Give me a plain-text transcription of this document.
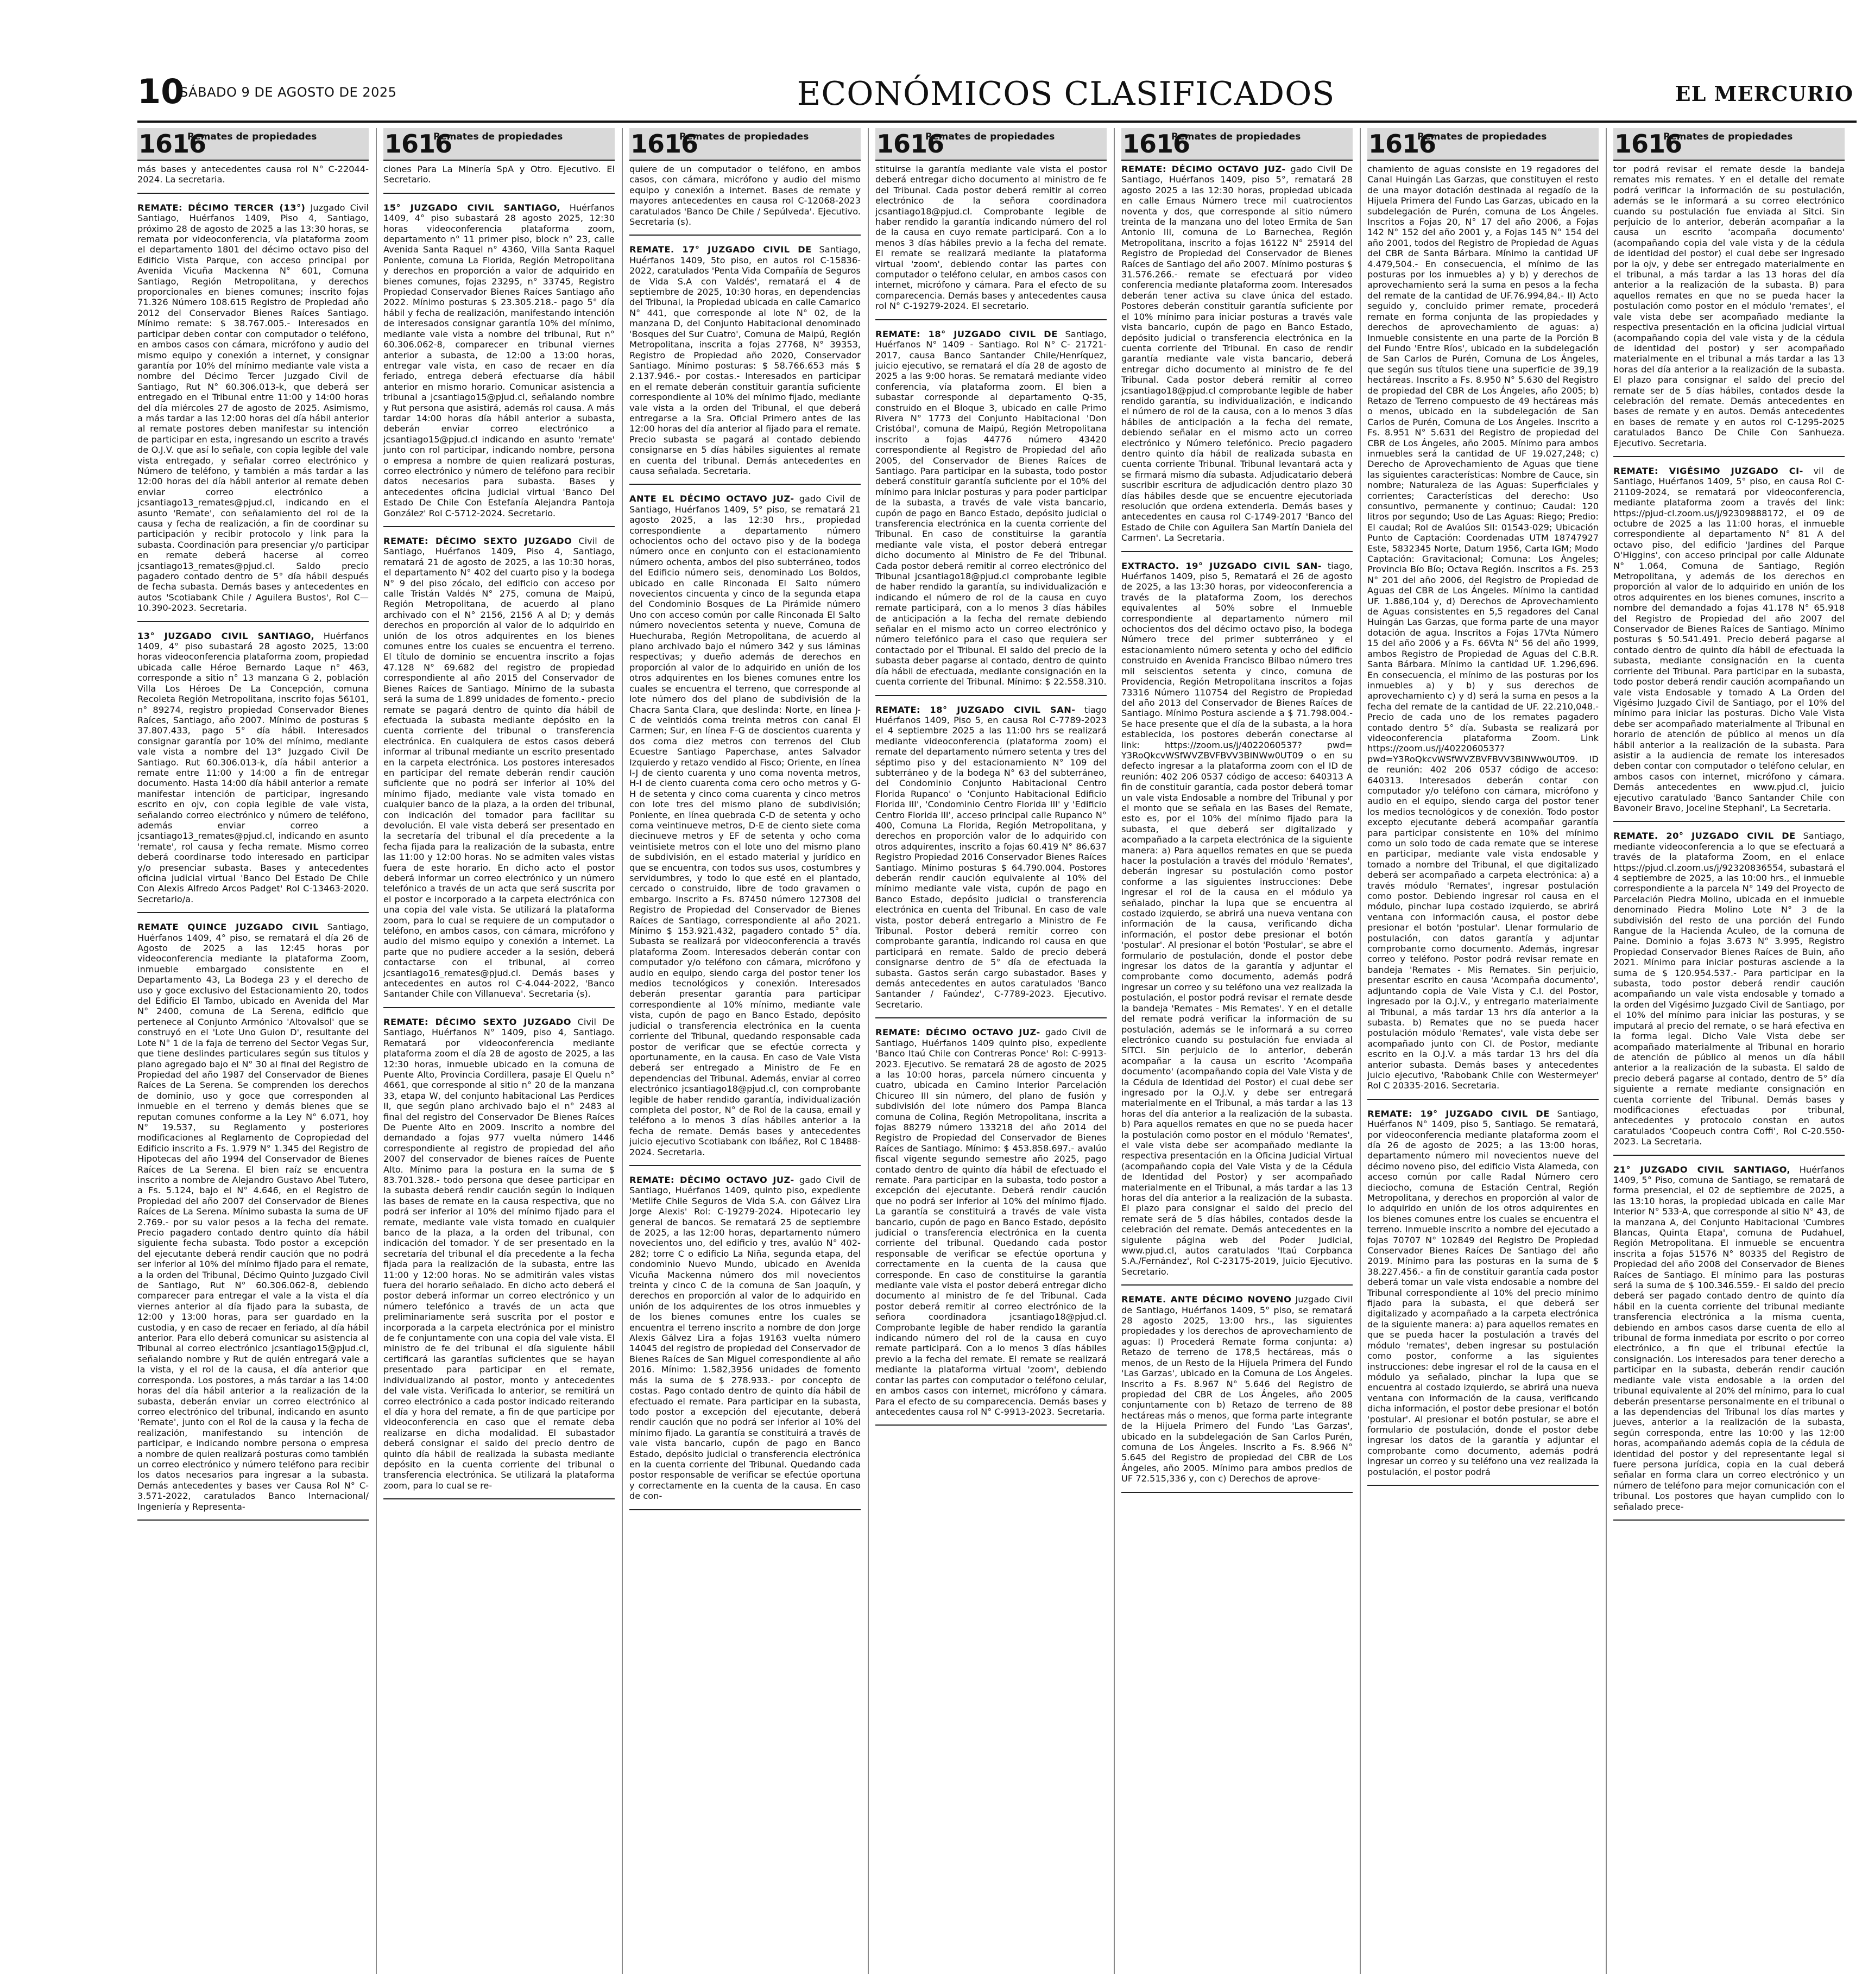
10
SÁBADO 9 DE AGOSTO DE 2025	ECONÓMICOS CLASIFICADOS	EL MERCURIO
1616
Remates de propiedades

más bases y antecedentes causa rol N° C-22044-2024. La secretaria.

REMATE: DÉCIMO TERCER (13°) Juzgado Civil Santiago, Huérfanos 1409, Piso 4, Santiago, próximo 28 de agosto de 2025 a las 13:30 horas, se remata por videoconferencia, vía plataforma zoom el departamento 1801 del décimo octavo piso del Edificio Vista Parque, con acceso principal por Avenida Vicuña Mackenna N° 601, Comuna Santiago, Región Metropolitana, y derechos proporcionales en bienes comunes; inscrito fojas 71.326 Número 108.615 Registro de Propiedad año 2012 del Conservador Bienes Raíces Santiago. Mínimo remate: $ 38.767.005.- Interesados en participar deben contar con computador o teléfono, en ambos casos con cámara, micrófono y audio del mismo equipo y conexión a internet, y consignar garantía por 10% del mínimo mediante vale vista a nombre del Décimo Tercer Juzgado Civil de Santiago, Rut N° 60.306.013-k, que deberá ser entregado en el Tribunal entre 11:00 y 14:00 horas del día miércoles 27 de agosto de 2025. Asimismo, a más tardar a las 12:00 horas del día hábil anterior al remate postores deben manifestar su intención de participar en esta, ingresando un escrito a través de O.J.V. que así lo señale, con copia legible del vale vista entregado, y señalar correo electrónico y Número de teléfono, y también a más tardar a las 12:00 horas del día hábil anterior al remate deben enviar correo electrónico a jcsantiago13_remates@pjud.cl, indicando en el asunto 'Remate', con señalamiento del rol de la causa y fecha de realización, a fin de coordinar su participación y recibir protocolo y link para la subasta. Coordinación para presenciar y/o participar en remate deberá hacerse al correo jcsantiago13_remates@pjud.cl. Saldo precio pagadero contado dentro de 5° día hábil después de fecha subasta. Demás bases y antecedentes en autos 'Scotiabank Chile / Aguilera Bustos', Rol C—10.390-2023. Secretaria.

13° JUZGADO CIVIL SANTIAGO, Huérfanos 1409, 4° piso subastará 28 agosto 2025, 13:00 horas videoconferencia plataforma zoom, propiedad ubicada calle Héroe Bernardo Laque n° 463, corresponde a sitio n° 13 manzana G 2, población Villa Los Héroes De La Concepción, comuna Recoleta Región Metropolitana, inscrito fojas 56101, n° 89274, registro propiedad Conservador Bienes Raíces, Santiago, año 2007. Mínimo de posturas $ 37.807.433, pago 5° día hábil. Interesados consignar garantía por 10% del mínimo, mediante vale vista a nombre del 13° Juzgado Civil De Santiago. Rut 60.306.013-k, día hábil anterior a remate entre 11:00 y 14:00 a fin de entregar documento. Hasta 14:00 día hábil anterior a remate manifestar intención de participar, ingresando escrito en ojv, con copia legible de vale vista, señalando correo electrónico y número de teléfono, además enviar correo a jcsantiago13_remates@pjud.cl, indicando en asunto 'remate', rol causa y fecha remate. Mismo correo deberá coordinarse todo interesado en participar y/o presenciar subasta. Bases y antecedentes oficina judicial virtual 'Banco Del Estado De Chile Con Alexis Alfredo Arcos Padget' Rol C-13463-2020. Secretario/a.

REMATE QUINCE JUZGADO CIVIL Santiago, Huérfanos 1409, 4° piso, se rematará el día 26 de Agosto de 2025 a las 12:45 horas por videoconferencia mediante la plataforma Zoom, inmueble embargado consistente en el Departamento 43, La Bodega 23 y el derecho de uso y goce exclusivo del Estacionamiento 20, todos del Edificio El Tambo, ubicado en Avenida del Mar N° 2400, comuna de La Serena, edificio que pertenece al Conjunto Armónico 'Altovalsol' que se construyó en el 'Lote Uno Guion D', resultante del Lote N° 1 de la faja de terreno del Sector Vegas Sur, que tiene deslindes particulares según sus títulos y plano agregado bajo el N° 30 al final del Registro de Propiedad del año 1987 del Conservador de Bienes Raíces de La Serena. Se comprenden los derechos de dominio, uso y goce que corresponden al inmueble en el terreno y demás bienes que se reputan comunes conforme a la Ley N° 6.071, hoy N° 19.537, su Reglamento y posteriores modificaciones al Reglamento de Copropiedad del Edificio inscrito a Fs. 1.979 N° 1.345 del Registro de Hipotecas del año 1994 del Conservador de Bienes Raíces de La Serena. El bien raíz se encuentra inscrito a nombre de Alejandro Gustavo Abel Tutero, a Fs. 5.124, bajo el N° 4.646, en el Registro de Propiedad del año 2007 del Conservador de Bienes Raíces de La Serena. Mínimo subasta la suma de UF 2.769.- por su valor pesos a la fecha del remate. Precio pagadero contado dentro quinto día hábil siguiente fecha subasta. Todo postor a excepción del ejecutante deberá rendir caución que no podrá ser inferior al 10% del mínimo fijado para el remate, a la orden del Tribunal, Décimo Quinto Juzgado Civil de Santiago, Rut N° 60.306.062-8, debiendo comparecer para entregar el vale a la vista el día viernes anterior al día fijado para la subasta, de 12:00 y 13:00 horas, para ser guardado en la custodia, y en caso de recaer en feriado, al día hábil anterior. Para ello deberá comunicar su asistencia al Tribunal al correo electrónico jcsantiago15@pjud.cl, señalando nombre y Rut de quién entregará vale a la vista, y el rol de la causa, el día anterior que corresponda. Los postores, a más tardar a las 14:00 horas del día hábil anterior a la realización de la subasta, deberán enviar un correo electrónico al correo electrónico del tribunal, indicando en asunto 'Remate', junto con el Rol de la causa y la fecha de realización, manifestando su intención de participar, e indicando nombre persona o empresa a nombre de quien realizará posturas como también un correo electrónico y número teléfono para recibir los datos necesarios para ingresar a la subasta. Demás antecedentes y bases ver Causa Rol N° C-3.571-2022, caratulados Banco Internacional/ Ingeniería y Representa-

1616
Remates de propiedades

ciones Para La Minería SpA y Otro. Ejecutivo. El Secretario.

15° JUZGADO CIVIL SANTIAGO, Huérfanos 1409, 4° piso subastará 28 agosto 2025, 12:30 horas videoconferencia plataforma zoom, departamento n° 11 primer piso, block n° 23, calle Avenida Santa Raquel n° 4360, Villa Santa Raquel Poniente, comuna La Florida, Región Metropolitana y derechos en proporción a valor de adquirido en bienes comunes, fojas 23295, n° 33745, Registro Propiedad Conservador Bienes Raíces Santiago año 2022. Mínimo posturas $ 23.305.218.- pago 5° día hábil y fecha de realización, manifestando intención de interesados consignar garantía 10% del mínimo, mediante vale vista a nombre del tribunal, Rut n° 60.306.062-8, comparecer en tribunal viernes anterior a subasta, de 12:00 a 13:00 horas, entregar vale vista, en caso de recaer en día feriado, entrega deberá efectuarse día hábil anterior en mismo horario. Comunicar asistencia a tribunal a jcsantiago15@pjud.cl, señalando nombre y Rut persona que asistirá, además rol causa. A más tardar 14:00 horas día hábil anterior a subasta, deberán enviar correo electrónico a jcsantiago15@pjud.cl indicando en asunto 'remate' junto con rol participar, indicando nombre, persona o empresa a nombre de quien realizará posturas, correo electrónico y número de teléfono para recibir datos necesarios para subasta. Bases y antecedentes oficina judicial virtual 'Banco Del Estado De Chile Con Estefanía Alejandra Pantoja González' Rol C-5712-2024. Secretario.

REMATE: DÉCIMO SEXTO JUZGADO Civil de Santiago, Huérfanos 1409, Piso 4, Santiago, rematará 21 de agosto de 2025, a las 10:30 horas, el departamento N° 402 del cuarto piso y la bodega N° 9 del piso zócalo, del edificio con acceso por calle Tristán Valdés N° 275, comuna de Maipú, Región Metropolitana, de acuerdo al plano archivado con el N° 2156, 2156 A al D; y demás derechos en proporción al valor de lo adquirido en unión de los otros adquirentes en los bienes comunes entre los cuales se encuentra el terreno. El título de dominio se encuentra inscrito a fojas 47.128 N° 69.682 del registro de propiedad correspondiente al año 2015 del Conservador de Bienes Raíces de Santiago. Mínimo de la subasta será la suma de 1.899 unidades de fomento.- precio remate se pagará dentro de quinto día hábil de efectuada la subasta mediante depósito en la cuenta corriente del tribunal o transferencia electrónica. En cualquiera de estos casos deberá informar al tribunal mediante un escrito presentado en la carpeta electrónica. Los postores interesados en participar del remate deberán rendir caución suficiente que no podrá ser inferior al 10% del mínimo fijado, mediante vale vista tomado en cualquier banco de la plaza, a la orden del tribunal, con indicación del tomador para facilitar su devolución. El vale vista deberá ser presentado en la secretaría del tribunal el día precedente a la fecha fijada para la realización de la subasta, entre las 11:00 y 12:00 horas. No se admiten vales vistas fuera de este horario. En dicho acto el postor deberá informar un correo electrónico y un número telefónico a través de un acta que será suscrita por el postor e incorporado a la carpeta electrónica con una copia del vale vista. Se utilizará la plataforma zoom, para lo cual se requiere de un computador o teléfono, en ambos casos, con cámara, micrófono y audio del mismo equipo y conexión a internet. La parte que no pudiere acceder a la sesión, deberá contactarse con el tribunal, al correo jcsantiago16_remates@pjud.cl. Demás bases y antecedentes en autos rol C-4.044-2022, 'Banco Santander Chile con Villanueva'. Secretaria (s).

REMATE: DÉCIMO SEXTO JUZGADO Civil De Santiago, Huérfanos N° 1409, piso 4, Santiago. Rematará por videoconferencia mediante plataforma zoom el día 28 de agosto de 2025, a las 12:30 horas, inmueble ubicado en la comuna de Puente Alto, Provincia Cordillera, pasaje El Quelu n° 4661, que corresponde al sitio n° 20 de la manzana 33, etapa W, del conjunto habitacional Las Perdices II, que según plano archivado bajo el n° 2483 al final del registro del Conservador De Bienes Raíces De Puente Alto en 2009. Inscrito a nombre del demandado a fojas 977 vuelta número 1446 correspondiente al registro de propiedad del año 2007 del conservador de bienes raíces de Puente Alto. Mínimo para la postura en la suma de $ 83.701.328.- todo persona que desee participar en la subasta deberá rendir caución según lo indiquen las bases de remate en la causa respectiva, que no podrá ser inferior al 10% del mínimo fijado para el remate, mediante vale vista tomado en cualquier banco de la plaza, a la orden del tribunal, con indicación del tomador. Y de ser presentado en la secretaría del tribunal el día precedente a la fecha fijada para la realización de la subasta, entre las 11:00 y 12:00 horas. No se admitirán vales vistas fuera del horario señalado. En dicho acto deberá el postor deberá informar un correo electrónico y un número telefónico a través de un acta que preliminariamente será suscrita por el postor e incorporada a la carpeta electrónica por el ministro de fe conjuntamente con una copia del vale vista. El ministro de fe del tribunal el día siguiente hábil certificará las garantías suficientes que se hayan presentado para participar en el remate, individualizando al postor, monto y antecedentes del vale vista. Verificada lo anterior, se remitirá un correo electrónico a cada postor indicado reiterando el día y hora del remate, a fin de que participe por videoconferencia en caso que el remate deba realizarse en dicha modalidad. El subastador deberá consignar el saldo del precio dentro de quinto día hábil de realizada la subasta mediante depósito en la cuenta corriente del tribunal o transferencia electrónica. Se utilizará la plataforma zoom, para lo cual se re-

1616
Remates de propiedades

quiere de un computador o teléfono, en ambos casos, con cámara, micrófono y audio del mismo equipo y conexión a internet. Bases de remate y mayores antecedentes en causa rol C-12068-2023 caratulados 'Banco De Chile / Sepúlveda'. Ejecutivo. Secretaria (s).

REMATE. 17° JUZGADO CIVIL DE Santiago, Huérfanos 1409, 5to piso, en autos rol C-15836-2022, caratulados 'Penta Vida Compañía de Seguros de Vida S.A con Valdés', rematará el 4 de septiembre de 2025, 10:30 horas, en dependencias del Tribunal, la Propiedad ubicada en calle Camarico N° 441, que corresponde al lote N° 02, de la manzana D, del Conjunto Habitacional denominado 'Bosques del Sur Cuatro', Comuna de Maipú, Región Metropolitana, inscrita a fojas 27768, N° 39353, Registro de Propiedad año 2020, Conservador Santiago. Mínimo posturas: $ 58.766.653 más $ 2.137.946.- por costas.- Interesados en participar en el remate deberán constituir garantía suficiente correspondiente al 10% del mínimo fijado, mediante vale vista a la orden del Tribunal, el que deberá entregarse a la Sra. Oficial Primero antes de las 12:00 horas del día anterior al fijado para el remate. Precio subasta se pagará al contado debiendo consignarse en 5 días hábiles siguientes al remate en cuenta del tribunal. Demás antecedentes en causa señalada. Secretaria.

ANTE EL DÉCIMO OCTAVO JUZ- gado Civil de Santiago, Huérfanos 1409, 5° piso, se rematará 21 agosto 2025, a las 12:30 hrs., propiedad correspondiente a departamento número ochocientos ocho del octavo piso y de la bodega número once en conjunto con el estacionamiento número ochenta, ambos del piso subterráneo, todos del Edificio número seis, denominado Los Boldos, ubicado en calle Rinconada El Salto número novecientos cincuenta y cinco de la segunda etapa del Condominio Bosques de La Pirámide número Uno con acceso común por calle Rinconada El Salto número novecientos setenta y nueve, Comuna de Huechuraba, Región Metropolitana, de acuerdo al plano archivado bajo el número 342 y sus láminas respectivas; y dueño además de derechos en proporción al valor de lo adquirido en unión de los otros adquirentes en los bienes comunes entre los cuales se encuentra el terreno, que corresponde al lote número dos del plano de subdivisión de la Chacra Santa Clara, que deslinda: Norte, en línea J-C de veintidós coma treinta metros con canal El Carmen; Sur, en línea F-G de doscientos cuarenta y dos coma diez metros con terrenos del Club Ecuestre Santiago Paperchase, antes Salvador Izquierdo y retazo vendido al Fisco; Oriente, en línea I-J de ciento cuarenta y uno coma noventa metros, H-I de ciento cuarenta coma cero ocho metros y G-H de setenta y cinco coma cuarenta y cinco metros con lote tres del mismo plano de subdivisión; Poniente, en línea quebrada C-D de setenta y ocho coma veintinueve metros, D-E de ciento siete coma diecinueve metros y EF de setenta y ocho coma veintisiete metros con el lote uno del mismo plano de subdivisión, en el estado material y jurídico en que se encuentra, con todos sus usos, costumbres y servidumbres, y todo lo que esté en el plantado, cercado o construido, libre de todo gravamen o embargo. Inscrito a Fs. 87450 número 127308 del Registro de Propiedad del Conservador de Bienes Raíces de Santiago, correspondiente al año 2021. Mínimo $ 153.921.432, pagadero contado 5° día. Subasta se realizará por videoconferencia a través plataforma Zoom. Interesados deberán contar con computador y/o teléfono con cámara, micrófono y audio en equipo, siendo carga del postor tener los medios tecnológicos y conexión. Interesados deberán presentar garantía para participar correspondiente al 10% mínimo, mediante vale vista, cupón de pago en Banco Estado, depósito judicial o transferencia electrónica en la cuenta corriente del Tribunal, quedando responsable cada postor de verificar que se efectúe correcta y oportunamente, en la causa. En caso de Vale Vista deberá ser entregado a Ministro de Fe en dependencias del Tribunal. Además, enviar al correo electrónico jcsantiago18@pjud.cl, con comprobante legible de haber rendido garantía, individualización completa del postor, N° de Rol de la causa, email y teléfono a lo menos 3 días hábiles anterior a la fecha de remate. Demás bases y antecedentes juicio ejecutivo Scotiabank con Ibáñez, Rol C 18488-2024. Secretaria.

REMATE: DÉCIMO OCTAVO JUZ- gado Civil de Santiago, Huérfanos 1409, quinto piso, expediente 'Metlife Chile Seguros de Vida S.A. con Gálvez Lira Jorge Alexis' Rol: C-19279-2024. Hipotecario ley general de bancos. Se rematará 25 de septiembre de 2025, a las 12:00 horas, departamento número novecientos uno, del edificio y tres, avalúo N° 402-282; torre C o edificio La Niña, segunda etapa, del condominio Nuevo Mundo, ubicado en Avenida Vicuña Mackenna número dos mil novecientos treinta y cinco C de la comuna de San Joaquín, y derechos en proporción al valor de lo adquirido en unión de los adquirentes de los otros inmuebles y de los bienes comunes entre los cuales se encuentra el terreno inscrito a nombre de don Jorge Alexis Gálvez Lira a fojas 19163 vuelta número 14045 del registro de propiedad del Conservador de Bienes Raíces de San Miguel correspondiente al año 2016. Mínimo: 1.582,3956 unidades de fomento más la suma de $ 278.933.- por concepto de costas. Pago contado dentro de quinto día hábil de efectuado el remate. Para participar en la subasta, todo postor a excepción del ejecutante, deberá rendir caución que no podrá ser inferior al 10% del mínimo fijado. La garantía se constituirá a través de vale vista bancario, cupón de pago en Banco Estado, depósito judicial o transferencia electrónica en la cuenta corriente del Tribunal. Quedando cada postor responsable de verificar se efectúe oportuna y correctamente en la cuenta de la causa. En caso de con-

1616
Remates de propiedades

stituirse la garantía mediante vale vista el postor deberá entregar dicho documento al ministro de fe del Tribunal. Cada postor deberá remitir al correo electrónico de la señora coordinadora jcsantiago18@pjud.cl. Comprobante legible de haber rendido la garantía indicando número del rol de la causa en cuyo remate participará. Con a lo menos 3 días hábiles previo a la fecha del remate. El remate se realizará mediante la plataforma virtual 'zoom', debiendo contar las partes con computador o teléfono celular, en ambos casos con internet, micrófono y cámara. Para el efecto de su comparecencia. Demás bases y antecedentes causa rol N° C-19279-2024. El secretario.

REMATE: 18° JUZGADO CIVIL DE Santiago, Huérfanos N° 1409 - Santiago. Rol N° C- 21721-2017, causa Banco Santander Chile/Henríquez, juicio ejecutivo, se rematará el día 28 de agosto de 2025 a las 9:00 horas. Se rematará mediante video conferencia, vía plataforma zoom. El bien a subastar corresponde al departamento Q-35, construido en el Bloque 3, ubicado en calle Primo Rivera N° 1773 del Conjunto Habitacional 'Don Cristóbal', comuna de Maipú, Región Metropolitana inscrito a fojas 44776 número 43420 correspondiente al Registro de Propiedad del año 2005, del Conservador de Bienes Raíces de Santiago. Para participar en la subasta, todo postor deberá constituir garantía suficiente por el 10% del mínimo para iniciar posturas y para poder participar de la subasta, a través de vale vista bancario, cupón de pago en Banco Estado, depósito judicial o transferencia electrónica en la cuenta corriente del Tribunal. En caso de constituirse la garantía mediante vale vista, el postor deberá entregar dicho documento al Ministro de Fe del Tribunal. Cada postor deberá remitir al correo electrónico del Tribunal jcsantiago18@pjud.cl comprobante legible de haber rendido la garantía, su individualización e indicando el número de rol de la causa en cuyo remate participará, con a lo menos 3 días hábiles de anticipación a la fecha del remate debiendo señalar en el mismo acto un correo electrónico y número telefónico para el caso que requiera ser contactado por el Tribunal. El saldo del precio de la subasta deber pagarse al contado, dentro de quinto día hábil de efectuada, mediante consignación en la cuenta corriente del Tribunal. Mínimo: $ 22.558.310.

REMATE: 18° JUZGADO CIVIL SAN- tiago Huérfanos 1409, Piso 5, en causa Rol C-7789-2023 el 4 septiembre 2025 a las 11:00 hrs se realizará mediante videoconferencia (plataforma zoom) el remate del departamento número setenta y tres del séptimo piso y del estacionamiento N° 109 del subterráneo y de la bodega N° 63 del subterráneo, del Condominio Conjunto Habitacional Centro Florida Rupanco' o 'Conjunto Habitacional Edificio Florida III', 'Condominio Centro Florida III' y 'Edificio Centro Florida III', acceso principal calle Rupanco N° 400, Comuna La Florida, Región Metropolitana, y derechos en proporción valor de lo adquirido con otros adquirentes, inscrito a fojas 60.419 N° 86.637 Registro Propiedad 2016 Conservador Bienes Raíces Santiago. Mínimo posturas $ 64.790.004. Postores deberán rendir caución equivalente al 10% del mínimo mediante vale vista, cupón de pago en Banco Estado, depósito judicial o transferencia electrónica en cuenta del Tribunal. En caso de vale vista, postor deberá entregarlo a Ministro de Fe Tribunal. Postor deberá remitir correo con comprobante garantía, indicando rol causa en que participará en remate. Saldo de precio deberá consignarse dentro de 5° día de efectuada la subasta. Gastos serán cargo subastador. Bases y demás antecedentes en autos caratulados 'Banco Santander / Faúndez', C-7789-2023. Ejecutivo. Secretario.

REMATE: DÉCIMO OCTAVO JUZ- gado Civil de Santiago, Huérfanos 1409 quinto piso, expediente 'Banco Itaú Chile con Contreras Ponce' Rol: C-9913-2023. Ejecutivo. Se rematará 28 de agosto de 2025 a las 10:00 horas, parcela número cincuenta y cuatro, ubicada en Camino Interior Parcelación Chicureo III sin número, del plano de fusión y subdivisión del lote número dos Pampa Blanca comuna de Colina, Región Metropolitana, inscrita a fojas 88279 número 133218 del año 2014 del Registro de Propiedad del Conservador de Bienes Raíces de Santiago. Mínimo: $ 453.858.697.- avalúo fiscal vigente segundo semestre año 2025, pago contado dentro de quinto día hábil de efectuado el remate. Para participar en la subasta, todo postor a excepción del ejecutante. Deberá rendir caución que no podrá ser inferior al 10% del mínimo fijado. La garantía se constituirá a través de vale vista bancario, cupón de pago en Banco Estado, depósito judicial o transferencia electrónica en la cuenta corriente del tribunal. Quedando cada postor responsable de verificar se efectúe oportuna y correctamente en la cuenta de la causa que corresponde. En caso de constituirse la garantía mediante vale vista el postor deberá entregar dicho documento al ministro de fe del Tribunal. Cada postor deberá remitir al correo electrónico de la señora coordinadora jcsantiago18@pjud.cl. Comprobante legible de haber rendido la garantía indicando número del rol de la causa en cuyo remate participará. Con a lo menos 3 días hábiles previo a la fecha del remate. El remate se realizará mediante la plataforma virtual 'zoom', debiendo contar las partes con computador o teléfono celular, en ambos casos con internet, micrófono y cámara. Para el efecto de su comparecencia. Demás bases y antecedentes causa rol N° C-9913-2023. Secretaria.

1616
Remates de propiedades

REMATE: DÉCIMO OCTAVO JUZ- gado Civil De Santiago, Huérfanos 1409, piso 5°, rematará 28 agosto 2025 a las 12:30 horas, propiedad ubicada en calle Emaus Número trece mil cuatrocientos noventa y dos, que corresponde al sitio número treinta de la manzana uno del loteo Ermita de San Antonio III, comuna de Lo Barnechea, Región Metropolitana, inscrito a fojas 16122 N° 25914 del Registro de Propiedad del Conservador de Bienes Raíces de Santiago del año 2007. Mínimo posturas $ 31.576.266.- remate se efectuará por video conferencia mediante plataforma zoom. Interesados deberán tener activa su clave única del estado. Postores deberán constituir garantía suficiente por el 10% mínimo para iniciar posturas a través vale vista bancario, cupón de pago en Banco Estado, depósito judicial o transferencia electrónica en la cuenta corriente del Tribunal. En caso de rendir garantía mediante vale vista bancario, deberá entregar dicho documento al ministro de fe del Tribunal. Cada postor deberá remitir al correo jcsantiago18@pjud.cl comprobante legible de haber rendido garantía, su individualización, e indicando el número de rol de la causa, con a lo menos 3 días hábiles de anticipación a la fecha del remate, debiendo señalar en el mismo acto un correo electrónico y Número telefónico. Precio pagadero dentro quinto día hábil de realizada subasta en cuenta corriente Tribunal. Tribunal levantará acta y se firmará mismo día subasta. Adjudicatario deberá suscribir escritura de adjudicación dentro plazo 30 días hábiles desde que se encuentre ejecutoriada resolución que ordena extenderla. Demás bases y antecedentes en causa rol C-1749-2017 'Banco del Estado de Chile con Aguilera San Martín Daniela del Carmen'. La Secretaria.

EXTRACTO. 19° JUZGADO CIVIL SAN- tiago, Huérfanos 1409, piso 5, Rematará el 26 de agosto de 2025, a las 13:30 horas, por videoconferencia a través de la plataforma Zoom, los derechos equivalentes al 50% sobre el Inmueble correspondiente al departamento número mil ochocientos dos del décimo octavo piso, la bodega Número trece del primer subterráneo y el estacionamiento número setenta y ocho del edificio construido en Avenida Francisco Bilbao número tres mil seiscientos setenta y cinco, comuna de Providencia, Región Metropolitana inscritos a fojas 73316 Número 110754 del Registro de Propiedad del año 2013 del Conservador de Bienes Raíces de Santiago. Mínimo Postura asciende a $ 71.798.004.- Se hace presente que el día de la subasta, a la hora establecida, los postores deberán conectarse al link: https://zoom.us/j/4022060537? pwd= Y3RoQkcvWSfWVZBVFBVV3BINWw0UT09 o en su defecto ingresar a la plataforma zoom con el ID de reunión: 402 206 0537 código de acceso: 640313 A fin de constituir garantía, cada postor deberá tomar un vale vista Endosable a nombre del Tribunal y por el monto que se señala en las Bases del Remate, esto es, por el 10% del mínimo fijado para la subasta, el que deberá ser digitalizado y acompañado a la carpeta electrónica de la siguiente manera: a) Para aquellos remates en que se pueda hacer la postulación a través del módulo 'Remates', deberán ingresar su postulación como postor conforme a las siguientes instrucciones: Debe ingresar el rol de la causa en el módulo ya señalado, pinchar la lupa que se encuentra al costado izquierdo, se abrirá una nueva ventana con información de la causa, verificando dicha información, el postor debe presionar el botón 'postular'. Al presionar el botón 'Postular', se abre el formulario de postulación, donde el postor debe ingresar los datos de la garantía y adjuntar el comprobante como documento, además podrá ingresar un correo y su teléfono una vez realizada la postulación, el postor podrá revisar el remate desde la bandeja 'Remates - Mis Remates'. Y en el detalle del remate podrá verificar la información de su postulación, además se le informará a su correo electrónico cuando su postulación fue enviada al SITCI. Sin perjuicio de lo anterior, deberán acompañar a la causa un escrito 'Acompaña documento' (acompañando copia del Vale Vista y de la Cédula de Identidad del Postor) el cual debe ser ingresado por la O.J.V. y debe ser entregará materialmente en el Tribunal, a más tardar a las 13 horas del día anterior a la realización de la subasta. b) Para aquellos remates en que no se pueda hacer la postulación como postor en el módulo 'Remates', el vale vista debe ser acompañado mediante la respectiva presentación en la Oficina Judicial Virtual (acompañando copia del Vale Vista y de la Cédula de Identidad del Postor) y ser acompañado materialmente en el Tribunal, a más tardar a las 13 horas del día anterior a la realización de la subasta. El plazo para consignar el saldo del precio del remate será de 5 días hábiles, contados desde la celebración del remate. Demás antecedentes en la siguiente página web del Poder Judicial, www.pjud.cl, autos caratulados 'Itaú Corpbanca S.A./Fernández', Rol C-23175-2019, Juicio Ejecutivo. Secretario.

REMATE. ANTE DÉCIMO NOVENO Juzgado Civil de Santiago, Huérfanos 1409, 5° piso, se rematará 28 agosto 2025, 13:00 hrs., las siguientes propiedades y los derechos de aprovechamiento de aguas: I) Procederá Remate forma conjunta: a) Retazo de terreno de 178,5 hectáreas, más o menos, de un Resto de la Hijuela Primera del Fundo 'Las Garzas', ubicado en la Comuna de Los Ángeles. Inscrito a Fs. 8.967 N° 5.646 del Registro de propiedad del CBR de Los Ángeles, año 2005 conjuntamente con b) Retazo de terreno de 88 hectáreas más o menos, que forma parte integrante de la Hijuela Primero del Fundo 'Las Garzas', ubicado en la subdelegación de San Carlos Purén, comuna de Los Ángeles. Inscrito a Fs. 8.966 N° 5.645 del Registro de propiedad del CBR de Los Ángeles, año 2005. Mínimo para ambos predios de UF 72.515,336 y, con c) Derechos de aprove-

1616
Remates de propiedades

chamiento de aguas consiste en 19 regadores del Canal Huingán Las Garzas, que constituyen el resto de una mayor dotación destinada al regadío de la Hijuela Primera del Fundo Las Garzas, ubicado en la subdelegación de Purén, comuna de Los Ángeles. Inscritos a Fojas 20, N° 17 del año 2006, a Fojas 142 N° 152 del año 2001 y, a Fojas 145 N° 154 del año 2001, todos del Registro de Propiedad de Aguas del CBR de Santa Bárbara. Mínimo la cantidad UF 4.479,504.- En consecuencia, el mínimo de las posturas por los inmuebles a) y b) y derechos de aprovechamiento será la suma en pesos a la fecha del remate de la cantidad de UF.76.994,84.- II) Acto seguido y, concluido primer remate, procederá remate en forma conjunta de las propiedades y derechos de aprovechamiento de aguas: a) Inmueble consistente en una parte de la Porción B del Fundo 'Entre Ríos', ubicado en la subdelegación de San Carlos de Purén, Comuna de Los Ángeles, que según sus títulos tiene una superficie de 39,19 hectáreas. Inscrito a Fs. 8.950 N° 5.630 del Registro de propiedad del CBR de Los Ángeles, año 2005; b) Retazo de Terreno compuesto de 49 hectáreas más o menos, ubicado en la subdelegación de San Carlos de Purén, Comuna de Los Ángeles. Inscrito a Fs. 8.951 N° 5.631 del Registro de propiedad del CBR de Los Ángeles, año 2005. Mínimo para ambos inmuebles será la cantidad de UF 19.027,248; c) Derecho de Aprovechamiento de Aguas que tiene las siguientes características: Nombre de Cauce, sin nombre; Naturaleza de las Aguas: Superficiales y corrientes; Características del derecho: Uso consuntivo, permanente y continuo; Caudal: 120 litros por segundo; Uso de Las Aguas: Riego; Predio: El caudal; Rol de Avalúos SII: 01543-029; Ubicación Punto de Captación: Coordenadas UTM 18747927 Este, 5832345 Norte, Datum 1956, Carta IGM; Modo Captación: Gravitacional; Comuna: Los Ángeles; Provincia Bío Bío; Octava Región. Inscritos a Fs. 253 N° 201 del año 2006, del Registro de Propiedad de Aguas del CBR de Los Ángeles. Mínimo la cantidad UF. 1.886,104 y, d) Derechos de Aprovechamiento de Aguas consistentes en 5,5 regadores del Canal Huingán Las Garzas, que forma parte de una mayor dotación de agua. Inscritos a Fojas 17Vta Número 15 del año 2006 y a Fs. 66Vta N° 56 del año 1999, ambos Registro de Propiedad de Aguas del C.B.R. Santa Bárbara. Mínimo la cantidad UF. 1.296,696. En consecuencia, el mínimo de las posturas por los inmuebles a) y b) y sus derechos de aprovechamiento c) y d) será la suma en pesos a la fecha del remate de la cantidad de UF. 22.210,048.- Precio de cada uno de los remates pagadero contado dentro 5° día. Subasta se realizará por videoconferencia plataforma Zoom. Link https://zoom.us/j/4022060537? pwd=Y3RoQkcvWSfWVZBVFBVV3BINWw0UT09. ID de reunión: 402 206 0537 código de acceso: 640313. Interesados deberán contar con computador y/o teléfono con cámara, micrófono y audio en el equipo, siendo carga del postor tener los medios tecnológicos y de conexión. Todo postor excepto ejecutante deberá acompañar garantía para participar consistente en 10% del mínimo como un solo todo de cada remate que se interese en participar, mediante vale vista endosable y tomado a nombre del Tribunal, el que digitalizado deberá ser acompañado a carpeta electrónica: a) a través módulo 'Remates', ingresar postulación como postor. Debiendo ingresar rol causa en el módulo, pinchar lupa costado izquierdo, se abrirá ventana con información causa, el postor debe presionar el botón 'postular'. Llenar formulario de postulación, con datos garantía y adjuntar comprobante como documento. Además, ingresar correo y teléfono. Postor podrá revisar remate en bandeja 'Remates - Mis Remates. Sin perjuicio, presentar escrito en causa 'Acompaña documento', adjuntando copia de Vale Vista y C.I. del Postor, ingresado por la O.J.V., y entregarlo materialmente al Tribunal, a más tardar 13 hrs día anterior a la subasta. b) Remates que no se pueda hacer postulación módulo 'Remates', vale vista debe ser acompañado junto con CI. de Postor, mediante escrito en la O.J.V. a más tardar 13 hrs del día anterior subasta. Demás bases y antecedentes juicio ejecutivo, 'Rabobank Chile con Westermeyer' Rol C 20335-2016. Secretaria.

REMATE: 19° JUZGADO CIVIL DE Santiago, Huérfanos N° 1409, piso 5, Santiago. Se rematará, por videoconferencia mediante plataforma zoom el día 26 de agosto de 2025; a las 13:00 horas, departamento número mil novecientos nueve del décimo noveno piso, del edificio Vista Alameda, con acceso común por calle Radal Número cero dieciocho, comuna de Estación Central, Región Metropolitana, y derechos en proporción al valor de lo adquirido en unión de los otros adquirentes en los bienes comunes entre los cuales se encuentra el terreno. Inmueble inscrito a nombre del ejecutado a fojas 70707 N° 102849 del Registro De Propiedad Conservador Bienes Raíces De Santiago del año 2019. Mínimo para las posturas en la suma de $ 38.227.456.- a fin de constituir garantía cada postor deberá tomar un vale vista endosable a nombre del Tribunal correspondiente al 10% del precio mínimo fijado para la subasta, el que deberá ser digitalizado y acompañado a la carpeta electrónica de la siguiente manera: a) para aquellos remates en que se pueda hacer la postulación a través del módulo 'remates', deben ingresar su postulación como postor, conforme a las siguientes instrucciones: debe ingresar el rol de la causa en el módulo ya señalado, pinchar la lupa que se encuentra al costado izquierdo, se abrirá una nueva ventana con información de la causa, verificando dicha información, el postor debe presionar el botón 'postular'. Al presionar el botón postular, se abre el formulario de postulación, donde el postor debe ingresar los datos de la garantía y adjuntar el comprobante como documento, además podrá ingresar un correo y su teléfono una vez realizada la postulación, el postor podrá

1616
Remates de propiedades

tor podrá revisar el remate desde la bandeja remates mis remates. Y en el detalle del remate podrá verificar la información de su postulación, además se le informará a su correo electrónico cuando su postulación fue enviada al Sitci. Sin perjuicio de lo anterior, deberán acompañar a la causa un escrito 'acompaña documento' (acompañando copia del vale vista y de la cédula de identidad del postor) el cual debe ser ingresado por la ojv, y debe ser entregado materialmente en el tribunal, a más tardar a las 13 horas del día anterior a la realización de la subasta. B) para aquellos remates en que no se pueda hacer la postulación como postor en el módulo 'remates', el vale vista debe ser acompañado mediante la respectiva presentación en la oficina judicial virtual (acompañando copia del vale vista y de la cédula de identidad del postor) y ser acompañado materialmente en el tribunal a más tardar a las 13 horas del día anterior a la realización de la subasta. El plazo para consignar el saldo del precio del remate ser de 5 días hábiles, contados desde la celebración del remate. Demás antecedentes en bases de remate y en autos. Demás antecedentes en bases de remate y en autos rol C-1295-2025 caratulados Banco De Chile Con Sanhueza. Ejecutivo. Secretaria.

REMATE: VIGÉSIMO JUZGADO CI- vil de Santiago, Huérfanos 1409, 5° piso, en causa Rol C-21109-2024, se rematará por videoconferencia, mediante plataforma zoom a través del link: https://pjud-cl.zoom.us/j/92309888172, el 09 de octubre de 2025 a las 11:00 horas, el inmueble correspondiente al departamento N° 81 A del octavo piso, del edificio 'Jardines del Parque O'Higgins', con acceso principal por calle Aldunate N° 1.064, Comuna de Santiago, Región Metropolitana, y además de los derechos en proporción al valor de lo adquirido en unión de los otros adquirentes en los bienes comunes, inscrito a nombre del demandado a fojas 41.178 N° 65.918 del Registro de Propiedad del año 2007 del Conservador de Bienes Raíces de Santiago. Mínimo posturas $ 50.541.491. Precio deberá pagarse al contado dentro de quinto día hábil de efectuada la subasta, mediante consignación en la cuenta corriente del Tribunal. Para participar en la subasta, todo postor deberá rendir caución acompañando un vale vista Endosable y tomado A La Orden del Vigésimo Juzgado Civil de Santiago, por el 10% del mínimo para iniciar las posturas. Dicho Vale Vista debe ser acompañado materialmente al Tribunal en horario de atención de público al menos un día hábil anterior a la realización de la subasta. Para asistir a la audiencia de remate los interesados deben contar con computador o teléfono celular, en ambos casos con internet, micrófono y cámara. Demás antecedentes en www.pjud.cl, juicio ejecutivo caratulado 'Banco Santander Chile con Bavoneir Bravo, Joceline Stephani', La Secretaria.

REMATE. 20° JUZGADO CIVIL DE Santiago, mediante videoconferencia a lo que se efectuará a través de la plataforma Zoom, en el enlace https://pjud.cl.zoom.us/j/92320836554, subastará el 4 septiembre de 2025, a las 10:00 hrs., el inmueble correspondiente a la parcela N° 149 del Proyecto de Parcelación Piedra Molino, ubicada en el inmueble denominado Piedra Molino Lote N° 3 de la subdivisión del resto de una porción del Fundo Rangue de la Hacienda Aculeo, de la comuna de Paine. Dominio a fojas 3.673 N° 3.995, Registro Propiedad Conservador Bienes Raíces de Buin, año 2021. Mínimo para iniciar posturas asciende a la suma de $ 120.954.537.- Para participar en la subasta, todo postor deberá rendir caución acompañando un vale vista endosable y tomado a la orden del Vigésimo Juzgado Civil de Santiago, por el 10% del mínimo para iniciar las posturas, y se imputará al precio del remate, o se hará efectiva en la forma legal. Dicho Vale Vista debe ser acompañado materialmente al Tribunal en horario de atención de público al menos un día hábil anterior a la realización de la subasta. El saldo de precio deberá pagarse al contado, dentro de 5° día siguiente a remate mediante consignación en cuenta corriente del Tribunal. Demás bases y modificaciones efectuadas por tribunal, antecedentes y protocolo constan en autos caratulados 'Coopeuch contra Coffi', Rol C-20.550-2023. La Secretaria.

21° JUZGADO CIVIL SANTIAGO, Huérfanos 1409, 5° Piso, comuna de Santiago, se rematará de forma presencial, el 02 de septiembre de 2025, a las 13:10 horas, la propiedad ubicada en calle Mar Interior N° 533-A, que corresponde al sitio N° 43, de la manzana A, del Conjunto Habitacional 'Cumbres Blancas, Quinta Etapa', comuna de Pudahuel, Región Metropolitana. El inmueble se encuentra inscrita a fojas 51576 N° 80335 del Registro de Propiedad del año 2008 del Conservador de Bienes Raíces de Santiago. El mínimo para las posturas será la suma de $ 100.346.559.- El saldo del precio deberá ser pagado contado dentro de quinto día hábil en la cuenta corriente del tribunal mediante transferencia electrónica a la misma cuenta, debiendo en ambos casos darse cuenta de ello al tribunal de forma inmediata por escrito o por correo electrónico, a fin que el tribunal efectúe la consignación. Los interesados para tener derecho a participar en la subasta, deberán rendir caución mediante vale vista endosable a la orden del tribunal equivalente al 20% del mínimo, para lo cual deberán presentarse personalmente en el tribunal o a las dependencias del Tribunal los días martes y jueves, anterior a la realización de la subasta, según corresponda, entre las 10:00 y las 12:00 horas, acompañando además copia de la cédula de identidad del postor y del representante legal si fuere persona jurídica, copia en la cual deberá señalar en forma clara un correo electrónico y un número de teléfono para mejor comunicación con el tribunal. Los postores que hayan cumplido con lo señalado prece-
